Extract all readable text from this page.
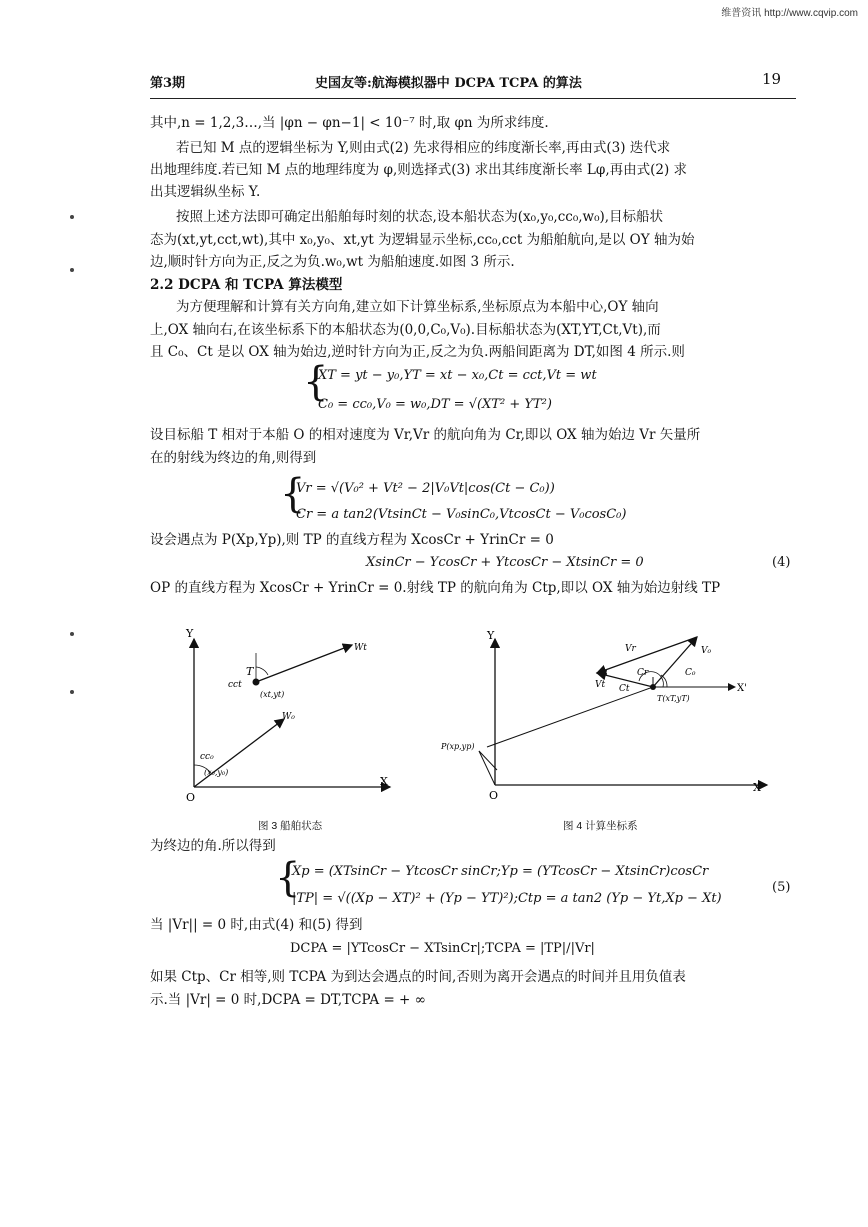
维普资讯 http://www.cqvip.com
第3期	史国友等:航海模拟器中 DCPA TCPA 的算法	19
其中,n = 1,2,3…,当 |φn − φn−1| < 10⁻⁷ 时,取 φn 为所求纬度.
若已知 M 点的逻辑坐标为 Y,则由式(2) 先求得相应的纬度渐长率,再由式(3) 迭代求
出地理纬度.若已知 M 点的地理纬度为 φ,则选择式(3) 求出其纬度渐长率 Lφ,再由式(2) 求
出其逻辑纵坐标 Y.
按照上述方法即可确定出船舶每时刻的状态,设本船状态为(x₀,y₀,cc₀,w₀),目标船状
态为(xt,yt,cct,wt),其中 x₀,y₀、xt,yt 为逻辑显示坐标,cc₀,cct 为船舶航向,是以 OY 轴为始
边,顺时针方向为正,反之为负.w₀,wt 为船舶速度.如图 3 所示.
2.2 DCPA 和 TCPA 算法模型
为方便理解和计算有关方向角,建立如下计算坐标系,坐标原点为本船中心,OY 轴向
上,OX 轴向右,在该坐标系下的本船状态为(0,0,C₀,V₀).目标船状态为(XT,YT,Ct,Vt),而
且 C₀、Ct 是以 OX 轴为始边,逆时针方向为正,反之为负.两船间距离为 DT,如图 4 所示.则
{
XT = yt − y₀,YT = xt − x₀,Ct = cct,Vt = wt
C₀ = cc₀,V₀ = w₀,DT = √(XT² + YT²)
设目标船 T 相对于本船 O 的相对速度为 Vr,Vr 的航向角为 Cr,即以 OX 轴为始边 Vr 矢量所
在的射线为终边的角,则得到
{
Vr = √(V₀² + Vt² − 2|V₀Vt|cos(Ct − C₀))
Cr = a tan2(VtsinCt − V₀sinC₀,VtcosCt − V₀cosC₀)
设会遇点为 P(Xp,Yp),则 TP 的直线方程为 XcosCr + YrinCr = 0
XsinCr − YcosCr + YtcosCr − XtsinCr = 0	(4)
OP 的直线方程为 XcosCr + YrinCr = 0.射线 TP 的航向角为 Ctp,即以 OX 轴为始边射线 TP
Y
X
O
T
cct
(xt,yt)
Wt
W₀
cc₀
(x₀,y₀)
图 3 船舶状态
Y
X
X'
O
Vr
Vt
V₀
Cr
Ct
C₀
T(xT,yT)
P(xp,yp)
图 4 计算坐标系
为终边的角.所以得到
{
Xp = (XTsinCr − YtcosCr sinCr;Yp = (YTcosCr − XtsinCr)cosCr
|TP| = √((Xp − XT)² + (Yp − YT)²);Ctp = a tan2 (Yp − Yt,Xp − Xt)
(5)
当 |Vr|| = 0 时,由式(4) 和(5) 得到
DCPA = |YTcosCr − XTsinCr|;TCPA = |TP|/|Vr|
如果 Ctp、Cr 相等,则 TCPA 为到达会遇点的时间,否则为离开会遇点的时间并且用负值表
示.当 |Vr| = 0 时,DCPA = DT,TCPA = + ∞
